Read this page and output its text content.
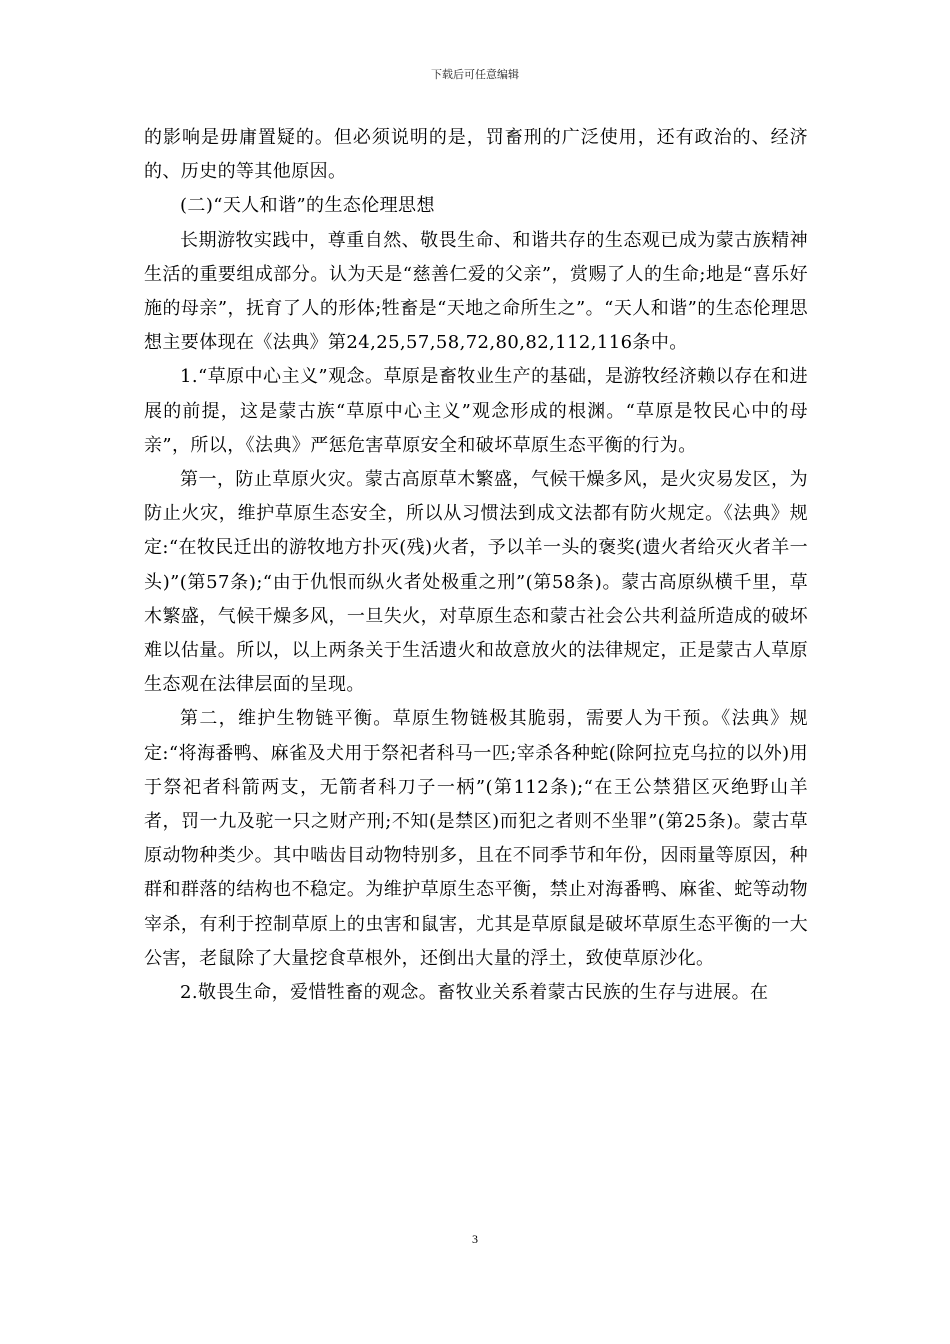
下载后可任意编辑

的影响是毋庸置疑的。但必须说明的是，罚畜刑的广泛使用，还有政治的、经济的、历史的等其他原因。

(二)“天人和谐”的生态伦理思想

长期游牧实践中，尊重自然、敬畏生命、和谐共存的生态观已成为蒙古族精神生活的重要组成部分。认为天是“慈善仁爱的父亲”，赏赐了人的生命;地是“喜乐好施的母亲”，抚育了人的形体;牲畜是“天地之命所生之”。“天人和谐”的生态伦理思想主要体现在《法典》第24,25,57,58,72,80,82,112,116条中。

1.“草原中心主义”观念。草原是畜牧业生产的基础，是游牧经济赖以存在和进展的前提，这是蒙古族“草原中心主义”观念形成的根渊。“草原是牧民心中的母亲”，所以，《法典》严惩危害草原安全和破坏草原生态平衡的行为。

第一，防止草原火灾。蒙古高原草木繁盛，气候干燥多风，是火灾易发区，为防止火灾，维护草原生态安全，所以从习惯法到成文法都有防火规定。《法典》规定:“在牧民迁出的游牧地方扑灭(残)火者，予以羊一头的褒奖(遗火者给灭火者羊一头)”(第57条);“由于仇恨而纵火者处极重之刑”(第58条)。蒙古高原纵横千里，草木繁盛，气候干燥多风，一旦失火，对草原生态和蒙古社会公共利益所造成的破坏难以估量。所以，以上两条关于生活遗火和故意放火的法律规定，正是蒙古人草原生态观在法律层面的呈现。

第二，维护生物链平衡。草原生物链极其脆弱，需要人为干预。《法典》规定:“将海番鸭、麻雀及犬用于祭祀者科马一匹;宰杀各种蛇(除阿拉克乌拉的以外)用于祭祀者科箭两支，无箭者科刀子一柄”(第112条);“在王公禁猎区灭绝野山羊者，罚一九及驼一只之财产刑;不知(是禁区)而犯之者则不坐罪”(第25条)。蒙古草原动物种类少。其中啮齿目动物特别多，且在不同季节和年份，因雨量等原因，种群和群落的结构也不稳定。为维护草原生态平衡，禁止对海番鸭、麻雀、蛇等动物宰杀，有利于控制草原上的虫害和鼠害，尤其是草原鼠是破坏草原生态平衡的一大公害，老鼠除了大量挖食草根外，还倒出大量的浮土，致使草原沙化。

2.敬畏生命，爱惜牲畜的观念。畜牧业关系着蒙古民族的生存与进展。在

3
